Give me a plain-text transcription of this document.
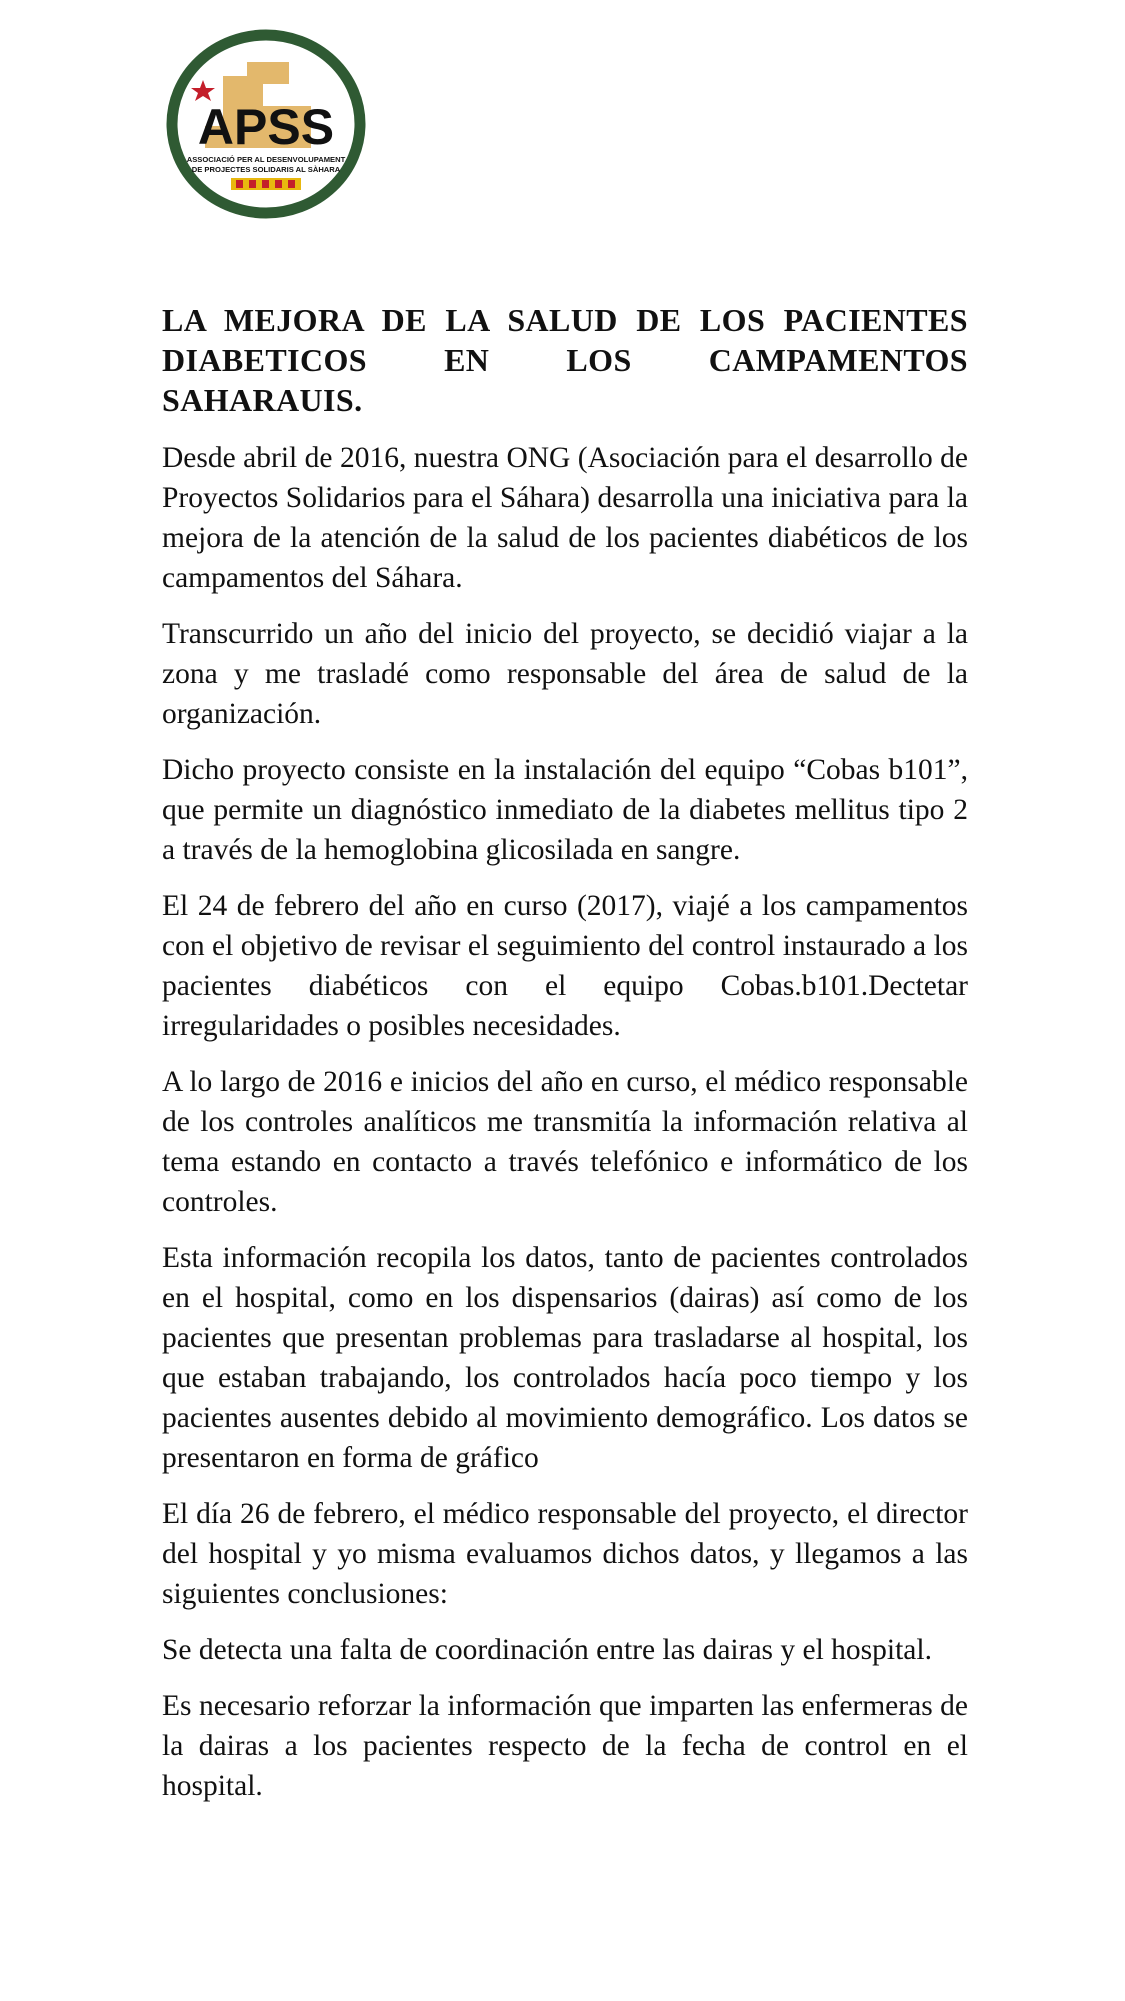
APSS
ASSOCIACIÓ PER AL DESENVOLUPAMENT
DE PROJECTES SOLIDARIS AL SÀHARA
LA MEJORA DE LA SALUD DE LOS PACIENTES DIABETICOS EN LOS CAMPAMENTOS SAHARAUIS.

Desde abril de 2016, nuestra ONG (Asociación para el desarrollo de Proyectos Solidarios para el Sáhara) desarrolla una iniciativa para la mejora de la atención de la salud de los pacientes diabéticos de los campamentos del Sáhara.

Transcurrido un año del inicio del proyecto, se decidió viajar a la zona y me trasladé como responsable del área de salud de la organización.

Dicho proyecto consiste en la instalación del equipo “Cobas b101”, que permite un diagnóstico inmediato de la diabetes mellitus tipo 2 a través de la hemoglobina glicosilada en sangre.

El 24 de febrero del año en curso (2017), viajé a los campamentos con el objetivo de revisar el seguimiento del control instaurado a los pacientes diabéticos con el equipo Cobas.b101.Dectetar irregularidades o posibles necesidades.

A lo largo de 2016 e inicios del año en curso, el médico responsable de los controles analíticos me transmitía la información relativa al tema estando en contacto a través telefónico e informático de los controles.

Esta información recopila los datos, tanto de pacientes controlados en el hospital, como en los dispensarios (dairas) así como de los pacientes que presentan problemas para trasladarse al hospital, los que estaban trabajando, los controlados hacía poco tiempo y los pacientes ausentes debido al movimiento demográfico. Los datos se presentaron en forma de gráfico

El día 26 de febrero, el médico responsable del proyecto, el director del hospital y yo misma evaluamos dichos datos, y llegamos a las siguientes conclusiones:

Se detecta una falta de coordinación entre las dairas y el hospital.

Es necesario reforzar la información que imparten las enfermeras de la dairas a los pacientes respecto de la fecha de control en el hospital.
